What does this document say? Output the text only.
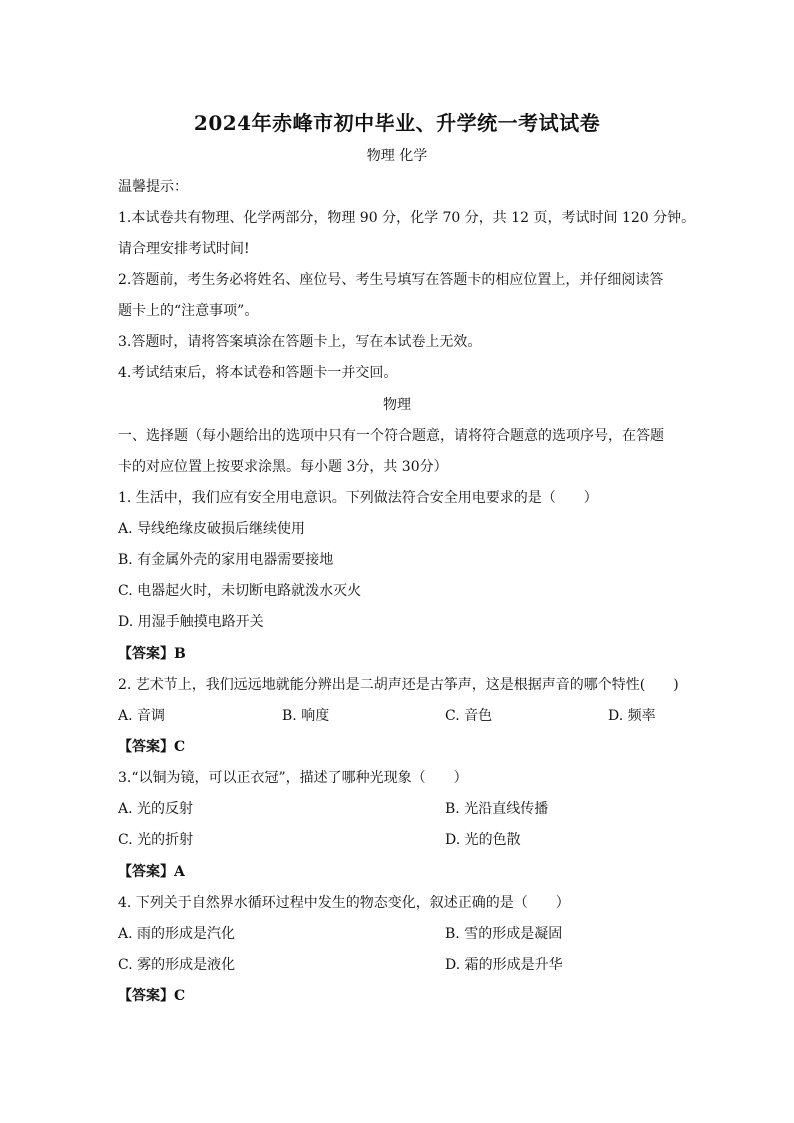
2024年赤峰市初中毕业、升学统一考试试卷
物理 化学
温馨提示：
1.本试卷共有物理、化学两部分，物理 90 分，化学 70 分，共 12 页，考试时间 120 分钟。
请合理安排考试时间!
2.答题前，考生务必将姓名、座位号、考生号填写在答题卡的相应位置上，并仔细阅读答
题卡上的“注意事项”。
3.答题时，请将答案填涂在答题卡上，写在本试卷上无效。
4.考试结束后，将本试卷和答题卡一并交回。
物理
一、选择题（每小题给出的选项中只有一个符合题意，请将符合题意的选项序号，在答题
卡的对应位置上按要求涂黑。每小题 3分，共 30分）
1. 生活中，我们应有安全用电意识。下列做法符合安全用电要求的是（　　）
A. 导线绝缘皮破损后继续使用
B. 有金属外壳的家用电器需要接地
C. 电器起火时，未切断电路就泼水灭火
D. 用湿手触摸电路开关
【答案】B
2. 艺术节上，我们远远地就能分辨出是二胡声还是古筝声，这是根据声音的哪个特性(　　)
A. 音调	B. 响度	C. 音色	D. 频率
【答案】C
3.“以铜为镜，可以正衣冠”，描述了哪种光现象（　　）
A. 光的反射	B. 光沿直线传播
C. 光的折射	D. 光的色散
【答案】A
4. 下列关于自然界水循环过程中发生的物态变化，叙述正确的是（　　）
A. 雨的形成是汽化	B. 雪的形成是凝固
C. 雾的形成是液化	D. 霜的形成是升华
【答案】C
